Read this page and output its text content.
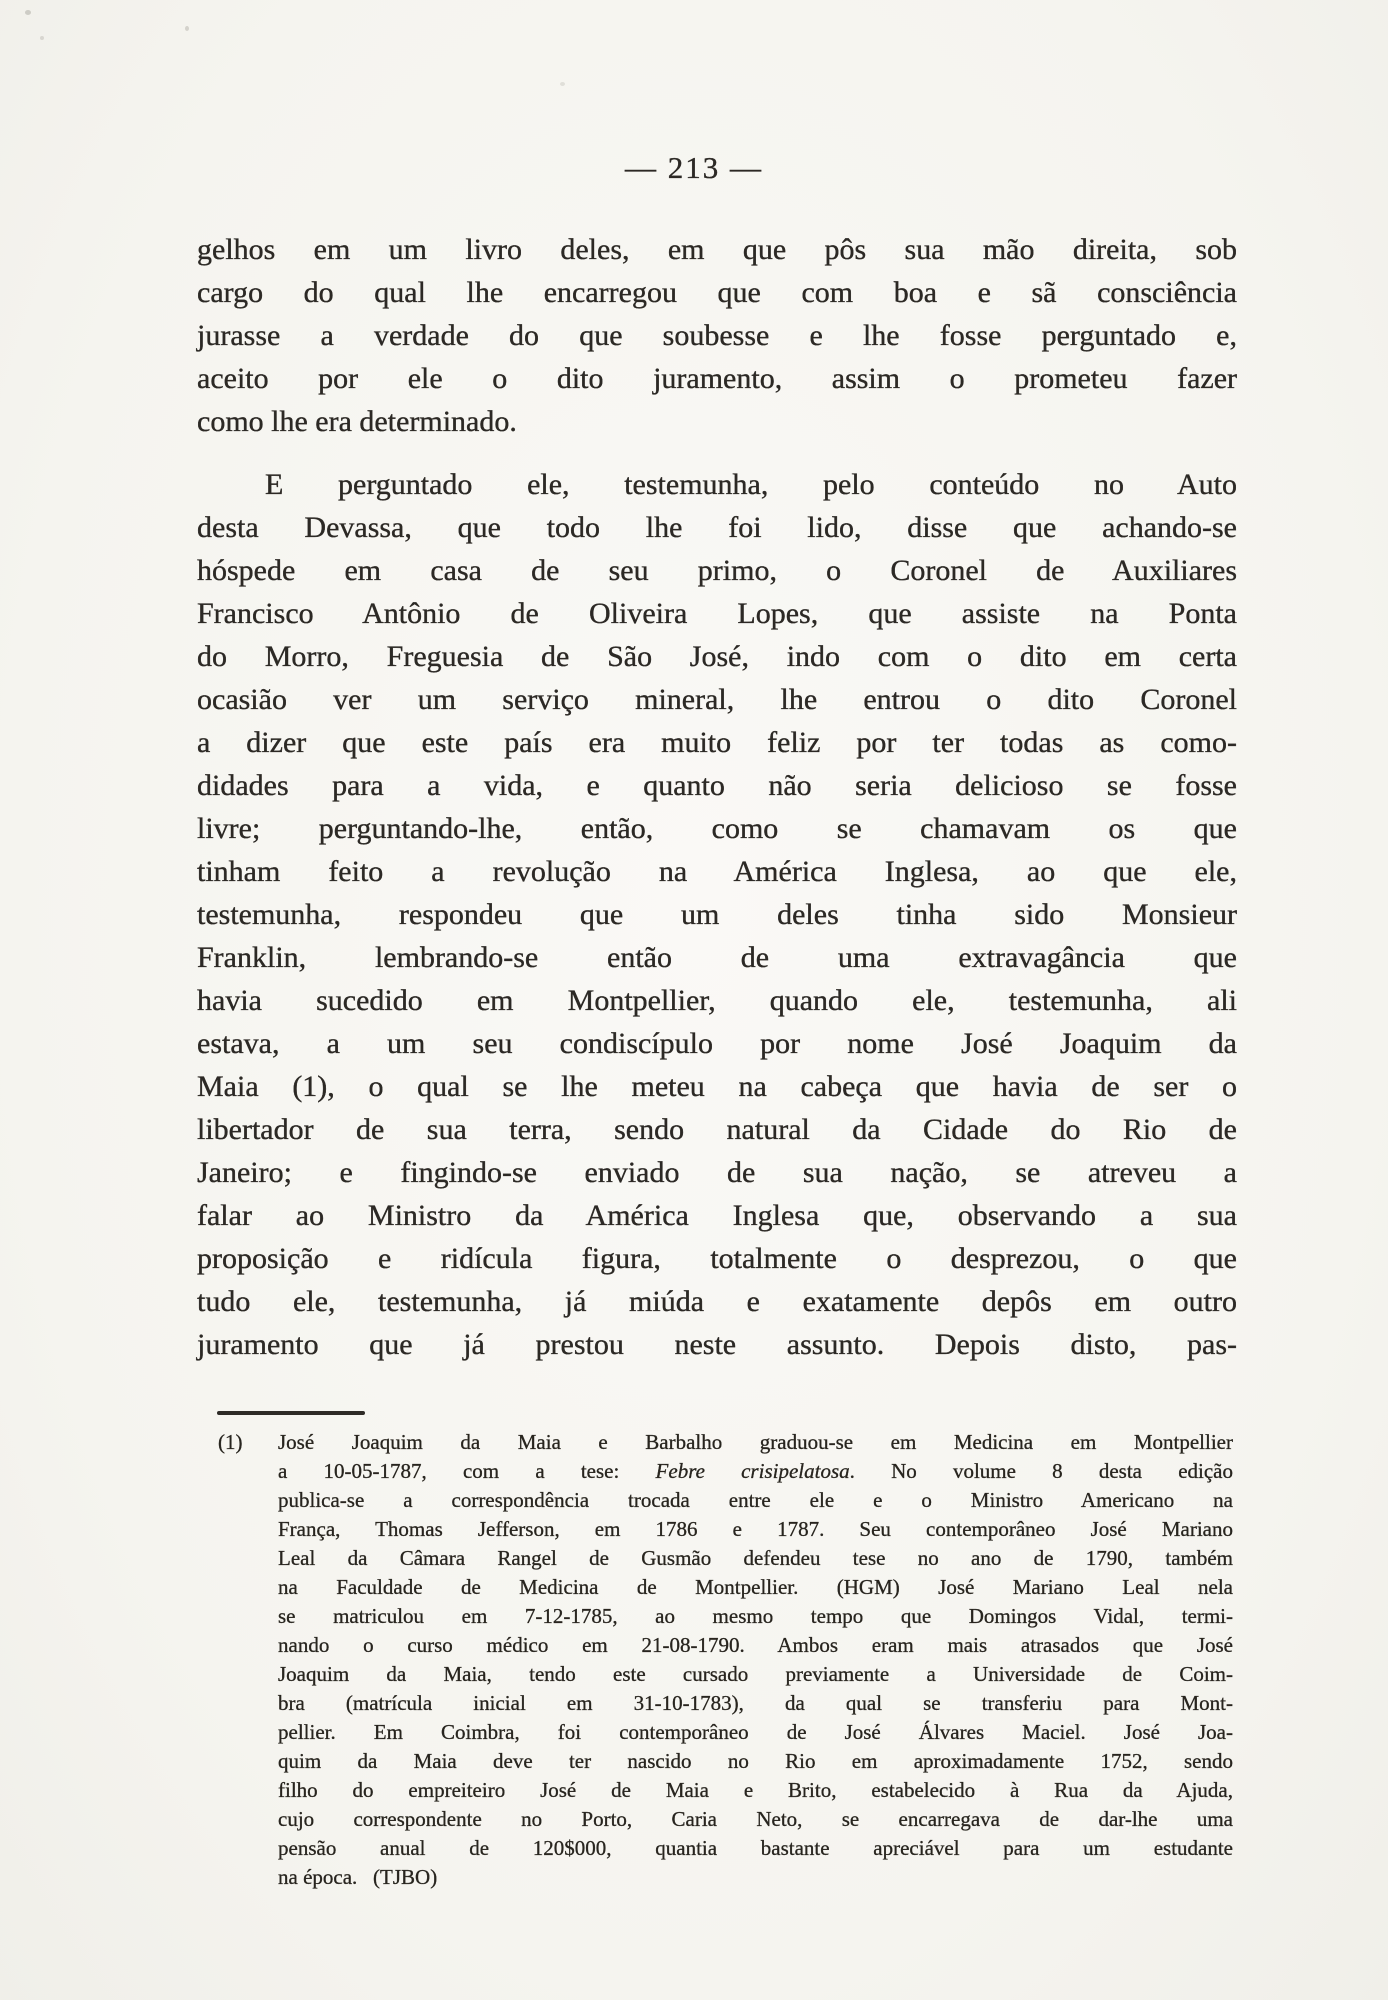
— 213 —
gelhos em um livro deles, em que pôs sua mão direita, sob
cargo do qual lhe encarregou que com boa e sã consciência
jurasse a verdade do que soubesse e lhe fosse perguntado e,
aceito por ele o dito juramento, assim o prometeu fazer
como lhe era determinado.
E perguntado ele, testemunha, pelo conteúdo no Auto
desta Devassa, que todo lhe foi lido, disse que achando-se
hóspede em casa de seu primo, o Coronel de Auxiliares
Francisco Antônio de Oliveira Lopes, que assiste na Ponta
do Morro, Freguesia de São José, indo com o dito em certa
ocasião ver um serviço mineral, lhe entrou o dito Coronel
a dizer que este país era muito feliz por ter todas as como-
didades para a vida, e quanto não seria delicioso se fosse
livre; perguntando-lhe, então, como se chamavam os que
tinham feito a revolução na América Inglesa, ao que ele,
testemunha, respondeu que um deles tinha sido Monsieur
Franklin, lembrando-se então de uma extravagância que
havia sucedido em Montpellier, quando ele, testemunha, ali
estava, a um seu condiscípulo por nome José Joaquim da
Maia (1), o qual se lhe meteu na cabeça que havia de ser o
libertador de sua terra, sendo natural da Cidade do Rio de
Janeiro; e fingindo-se enviado de sua nação, se atreveu a
falar ao Ministro da América Inglesa que, observando a sua
proposição e ridícula figura, totalmente o desprezou, o que
tudo ele, testemunha, já miúda e exatamente depôs em outro
juramento que já prestou neste assunto. Depois disto, pas-
(1) José Joaquim da Maia e Barbalho graduou-se em Medicina em Montpellier
a 10-05-1787, com a tese: Febre crisipelatosa. No volume 8 desta edição
publica-se a correspondência trocada entre ele e o Ministro Americano na
França, Thomas Jefferson, em 1786 e 1787. Seu contemporâneo José Mariano
Leal da Câmara Rangel de Gusmão defendeu tese no ano de 1790, também
na Faculdade de Medicina de Montpellier. (HGM) José Mariano Leal nela
se matriculou em 7-12-1785, ao mesmo tempo que Domingos Vidal, termi-
nando o curso médico em 21-08-1790. Ambos eram mais atrasados que José
Joaquim da Maia, tendo este cursado previamente a Universidade de Coim-
bra (matrícula inicial em 31-10-1783), da qual se transferiu para Mont-
pellier. Em Coimbra, foi contemporâneo de José Álvares Maciel. José Joa-
quim da Maia deve ter nascido no Rio em aproximadamente 1752, sendo
filho do empreiteiro José de Maia e Brito, estabelecido à Rua da Ajuda,
cujo correspondente no Porto, Caria Neto, se encarregava de dar-lhe uma
pensão anual de 120$000, quantia bastante apreciável para um estudante
na época.   (TJBO)
